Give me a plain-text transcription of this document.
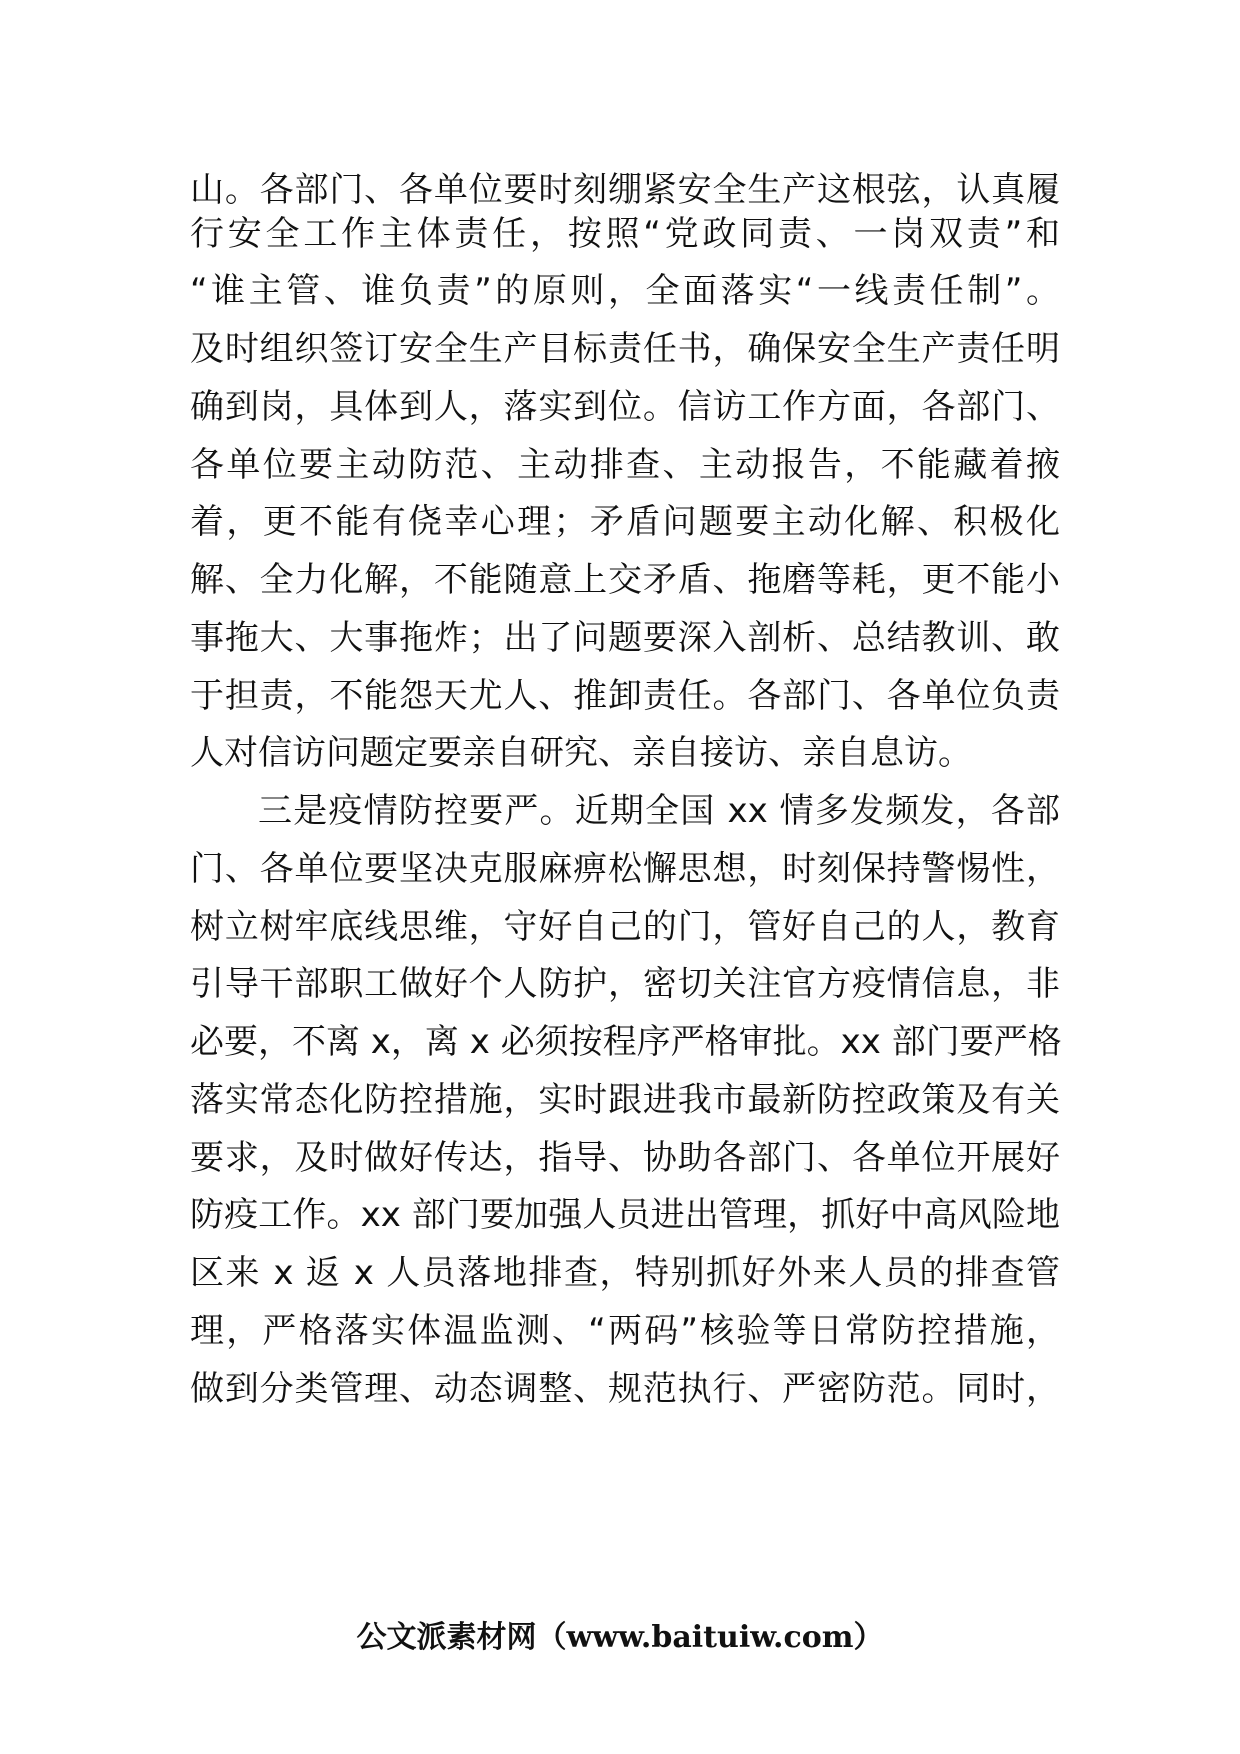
山。各部门、各单位要时刻绷紧安全生产这根弦，认真履
行安全工作主体责任，按照“党政同责、一岗双责”和
“谁主管、谁负责”的原则，全面落实“一线责任制”。
及时组织签订安全生产目标责任书，确保安全生产责任明
确到岗，具体到人，落实到位。信访工作方面，各部门、
各单位要主动防范、主动排查、主动报告，不能藏着掖
着，更不能有侥幸心理；矛盾问题要主动化解、积极化
解、全力化解，不能随意上交矛盾、拖磨等耗，更不能小
事拖大、大事拖炸；出了问题要深入剖析、总结教训、敢
于担责，不能怨天尤人、推卸责任。各部门、各单位负责
人对信访问题定要亲自研究、亲自接访、亲自息访。
三是疫情防控要严。近期全国 xx 情多发频发，各部
门、各单位要坚决克服麻痹松懈思想，时刻保持警惕性，
树立树牢底线思维，守好自己的门，管好自己的人，教育
引导干部职工做好个人防护，密切关注官方疫情信息，非
必要，不离 x，离 x 必须按程序严格审批。xx 部门要严格
落实常态化防控措施，实时跟进我市最新防控政策及有关
要求，及时做好传达，指导、协助各部门、各单位开展好
防疫工作。xx 部门要加强人员进出管理，抓好中高风险地
区来 x 返 x 人员落地排查，特别抓好外来人员的排查管
理，严格落实体温监测、“两码”核验等日常防控措施，
做到分类管理、动态调整、规范执行、严密防范。同时，
公文派素材网（www.baituiw.com）
